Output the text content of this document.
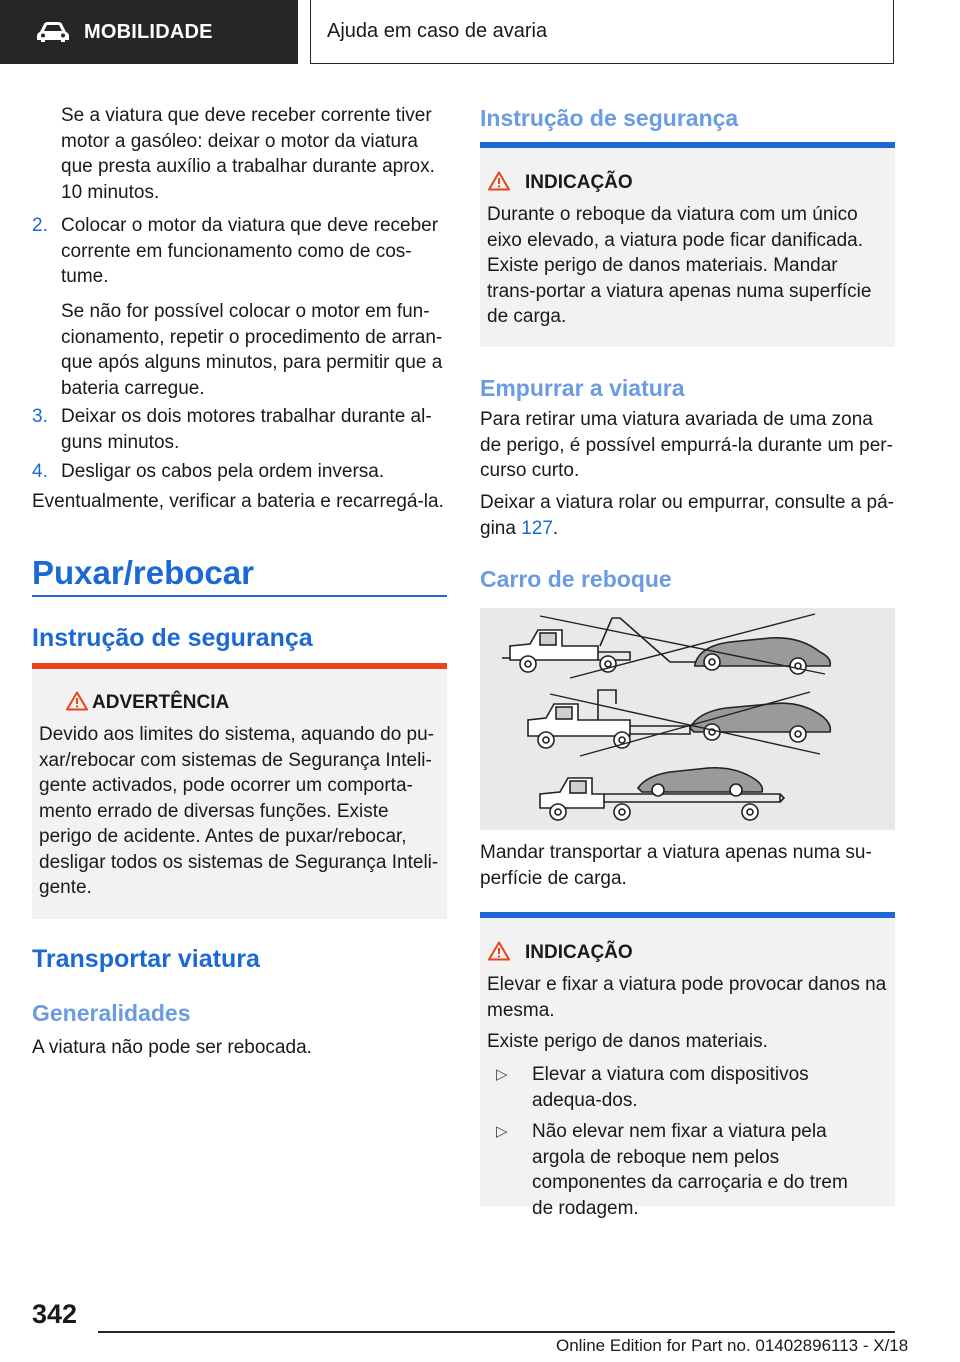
MOBILIDADE	Ajuda em caso de avaria

Se a viatura que deve receber corrente tiver motor a gasóleo: deixar o motor da viatura que presta auxílio a trabalhar durante aprox. 10 minutos.

2. Colocar o motor da viatura que deve receber corrente em funcionamento como de cos-tume.

Se não for possível colocar o motor em fun-cionamento, repetir o procedimento de arran-que após alguns minutos, para permitir que a bateria carregue.

3. Deixar os dois motores trabalhar durante al-guns minutos.

4. Desligar os cabos pela ordem inversa.

Eventualmente, verificar a bateria e recarregá-la.

Puxar/rebocar
Instrução de segurança
ADVERTÊNCIA

Devido aos limites do sistema, aquando do pu-xar/rebocar com sistemas de Segurança Inteli-gente activados, pode ocorrer um comporta-mento errado de diversas funções. Existe perigo de acidente. Antes de puxar/rebocar, desligar todos os sistemas de Segurança Inteli-gente.

Transportar viatura
Generalidades

A viatura não pode ser rebocada.

Instrução de segurança
INDICAÇÃO

Durante o reboque da viatura com um único eixo elevado, a viatura pode ficar danificada. Existe perigo de danos materiais. Mandar trans-portar a viatura apenas numa superfície de carga.

Empurrar a viatura

Para retirar uma viatura avariada de uma zona de perigo, é possível empurrá-la durante um per-curso curto.

Deixar a viatura rolar ou empurrar, consulte a pá-gina 127.

Carro de reboque

Mandar transportar a viatura apenas numa su-perfície de carga.

INDICAÇÃO

Elevar e fixar a viatura pode provocar danos na mesma.

Existe perigo de danos materiais.

▷ Elevar a viatura com dispositivos adequa-dos.
▷ Não elevar nem fixar a viatura pela argola de reboque nem pelos componentes da carroçaria e do trem de rodagem.
342
Online Edition for Part no. 01402896113 - X/18
